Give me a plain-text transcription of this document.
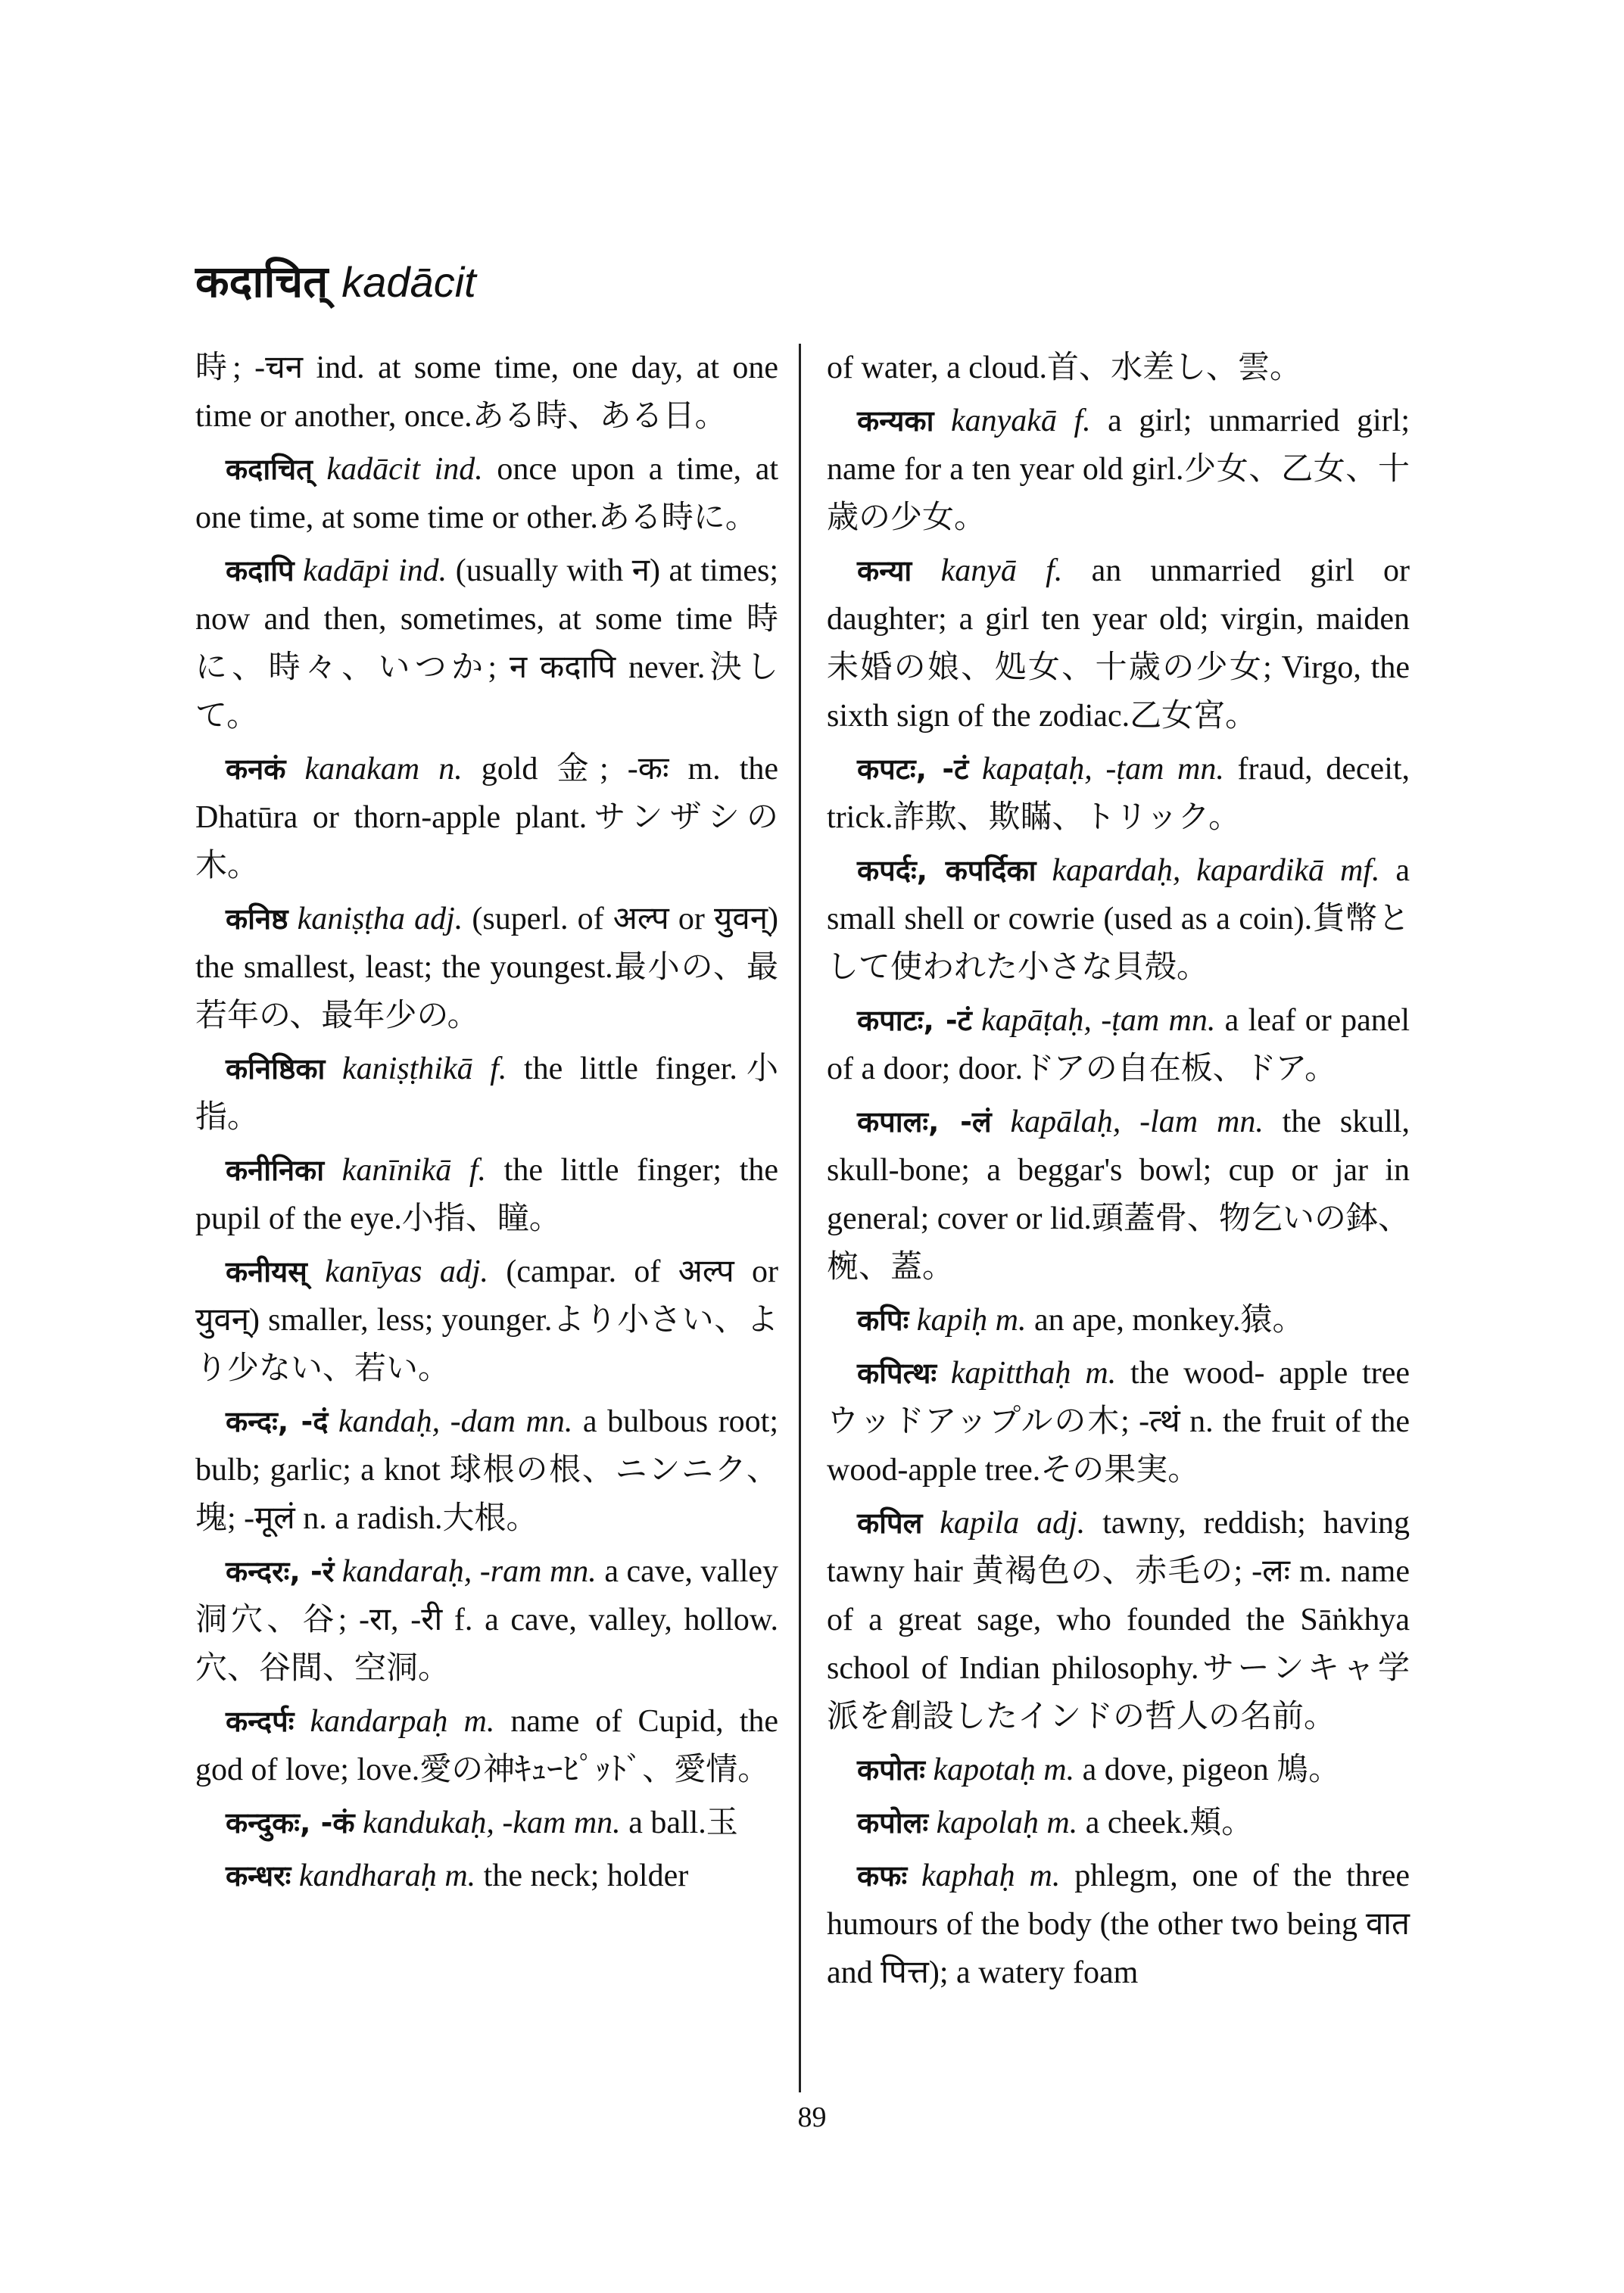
कदाचित् kadācit

時; -चन ind. at some time, one day, at one time or another, once.ある時、ある日。

कदाचित् kadācit ind. once upon a time, at one time, at some time or other.ある時に。

कदापि kadāpi ind. (usually with न) at times; now and then, sometimes, at some time 時に、時々、いつか; न कदापि never.決して。

कनकं kanakam n. gold 金; -कः m. the Dhatūra or thorn-apple plant.サンザシの木。

कनिष्ठ kaniṣṭha adj. (superl. of अल्प or युवन्) the smallest, least; the youngest.最小の、最若年の、最年少の。

कनिष्ठिका kaniṣṭhikā f. the little finger.小指。

कनीनिका kanīnikā f. the little finger; the pupil of the eye.小指、瞳。

कनीयस् kanīyas adj. (campar. of अल्प or युवन्) smaller, less; younger.より小さい、より少ない、若い。

कन्दः, -दं kandaḥ, -dam mn. a bulbous root; bulb; garlic; a knot 球根の根、ニンニク、塊; -मूलं n. a radish.大根。

कन्दरः, -रं kandaraḥ, -ram mn. a cave, valley 洞穴、谷; -रा, -री f. a cave, valley, hollow.穴、谷間、空洞。

कन्दर्पः kandarpaḥ m. name of Cupid, the god of love; love.愛の神ｷｭｰﾋﾟｯﾄﾞ、愛情。

कन्दुकः, -कं kandukaḥ, -kam mn. a ball.玉

कन्धरः kandharaḥ m. the neck; holder

of water, a cloud.首、水差し、雲。

कन्यका kanyakā f. a girl; unmarried girl; name for a ten year old girl.少女、乙女、十歳の少女。

कन्या kanyā f. an unmarried girl or daughter; a girl ten year old; virgin, maiden 未婚の娘、処女、十歳の少女; Virgo, the sixth sign of the zodiac.乙女宮。

कपटः, -टं kapaṭaḥ, -ṭam mn. fraud, deceit, trick.詐欺、欺瞞、トリック。

कपर्दः, कपर्दिका kapardaḥ, kapardikā mf. a small shell or cowrie (used as a coin).貨幣として使われた小さな貝殻。

कपाटः, -टं kapāṭaḥ, -ṭam mn. a leaf or panel of a door; door.ドアの自在板、ドア。

कपालः, -लं kapālaḥ, -lam mn. the skull, skull-bone; a beggar's bowl; cup or jar in general; cover or lid.頭蓋骨、物乞いの鉢、椀、蓋。

कपिः kapiḥ m. an ape, monkey.猿。

कपित्थः kapitthaḥ m. the wood- apple tree ウッドアップルの木; -त्थं n. the fruit of the wood-apple tree.その果実。

कपिल kapila adj. tawny, reddish; having tawny hair 黄褐色の、赤毛の; -लः m. name of a great sage, who founded the Sāṅkhya school of Indian philosophy.サーンキャ学派を創設したインドの哲人の名前。

कपोतः kapotaḥ m. a dove, pigeon 鳩。

कपोलः kapolaḥ m. a cheek.頬。

कफः kaphaḥ m. phlegm, one of the three humours of the body (the other two being वात and पित्त); a watery foam

89
